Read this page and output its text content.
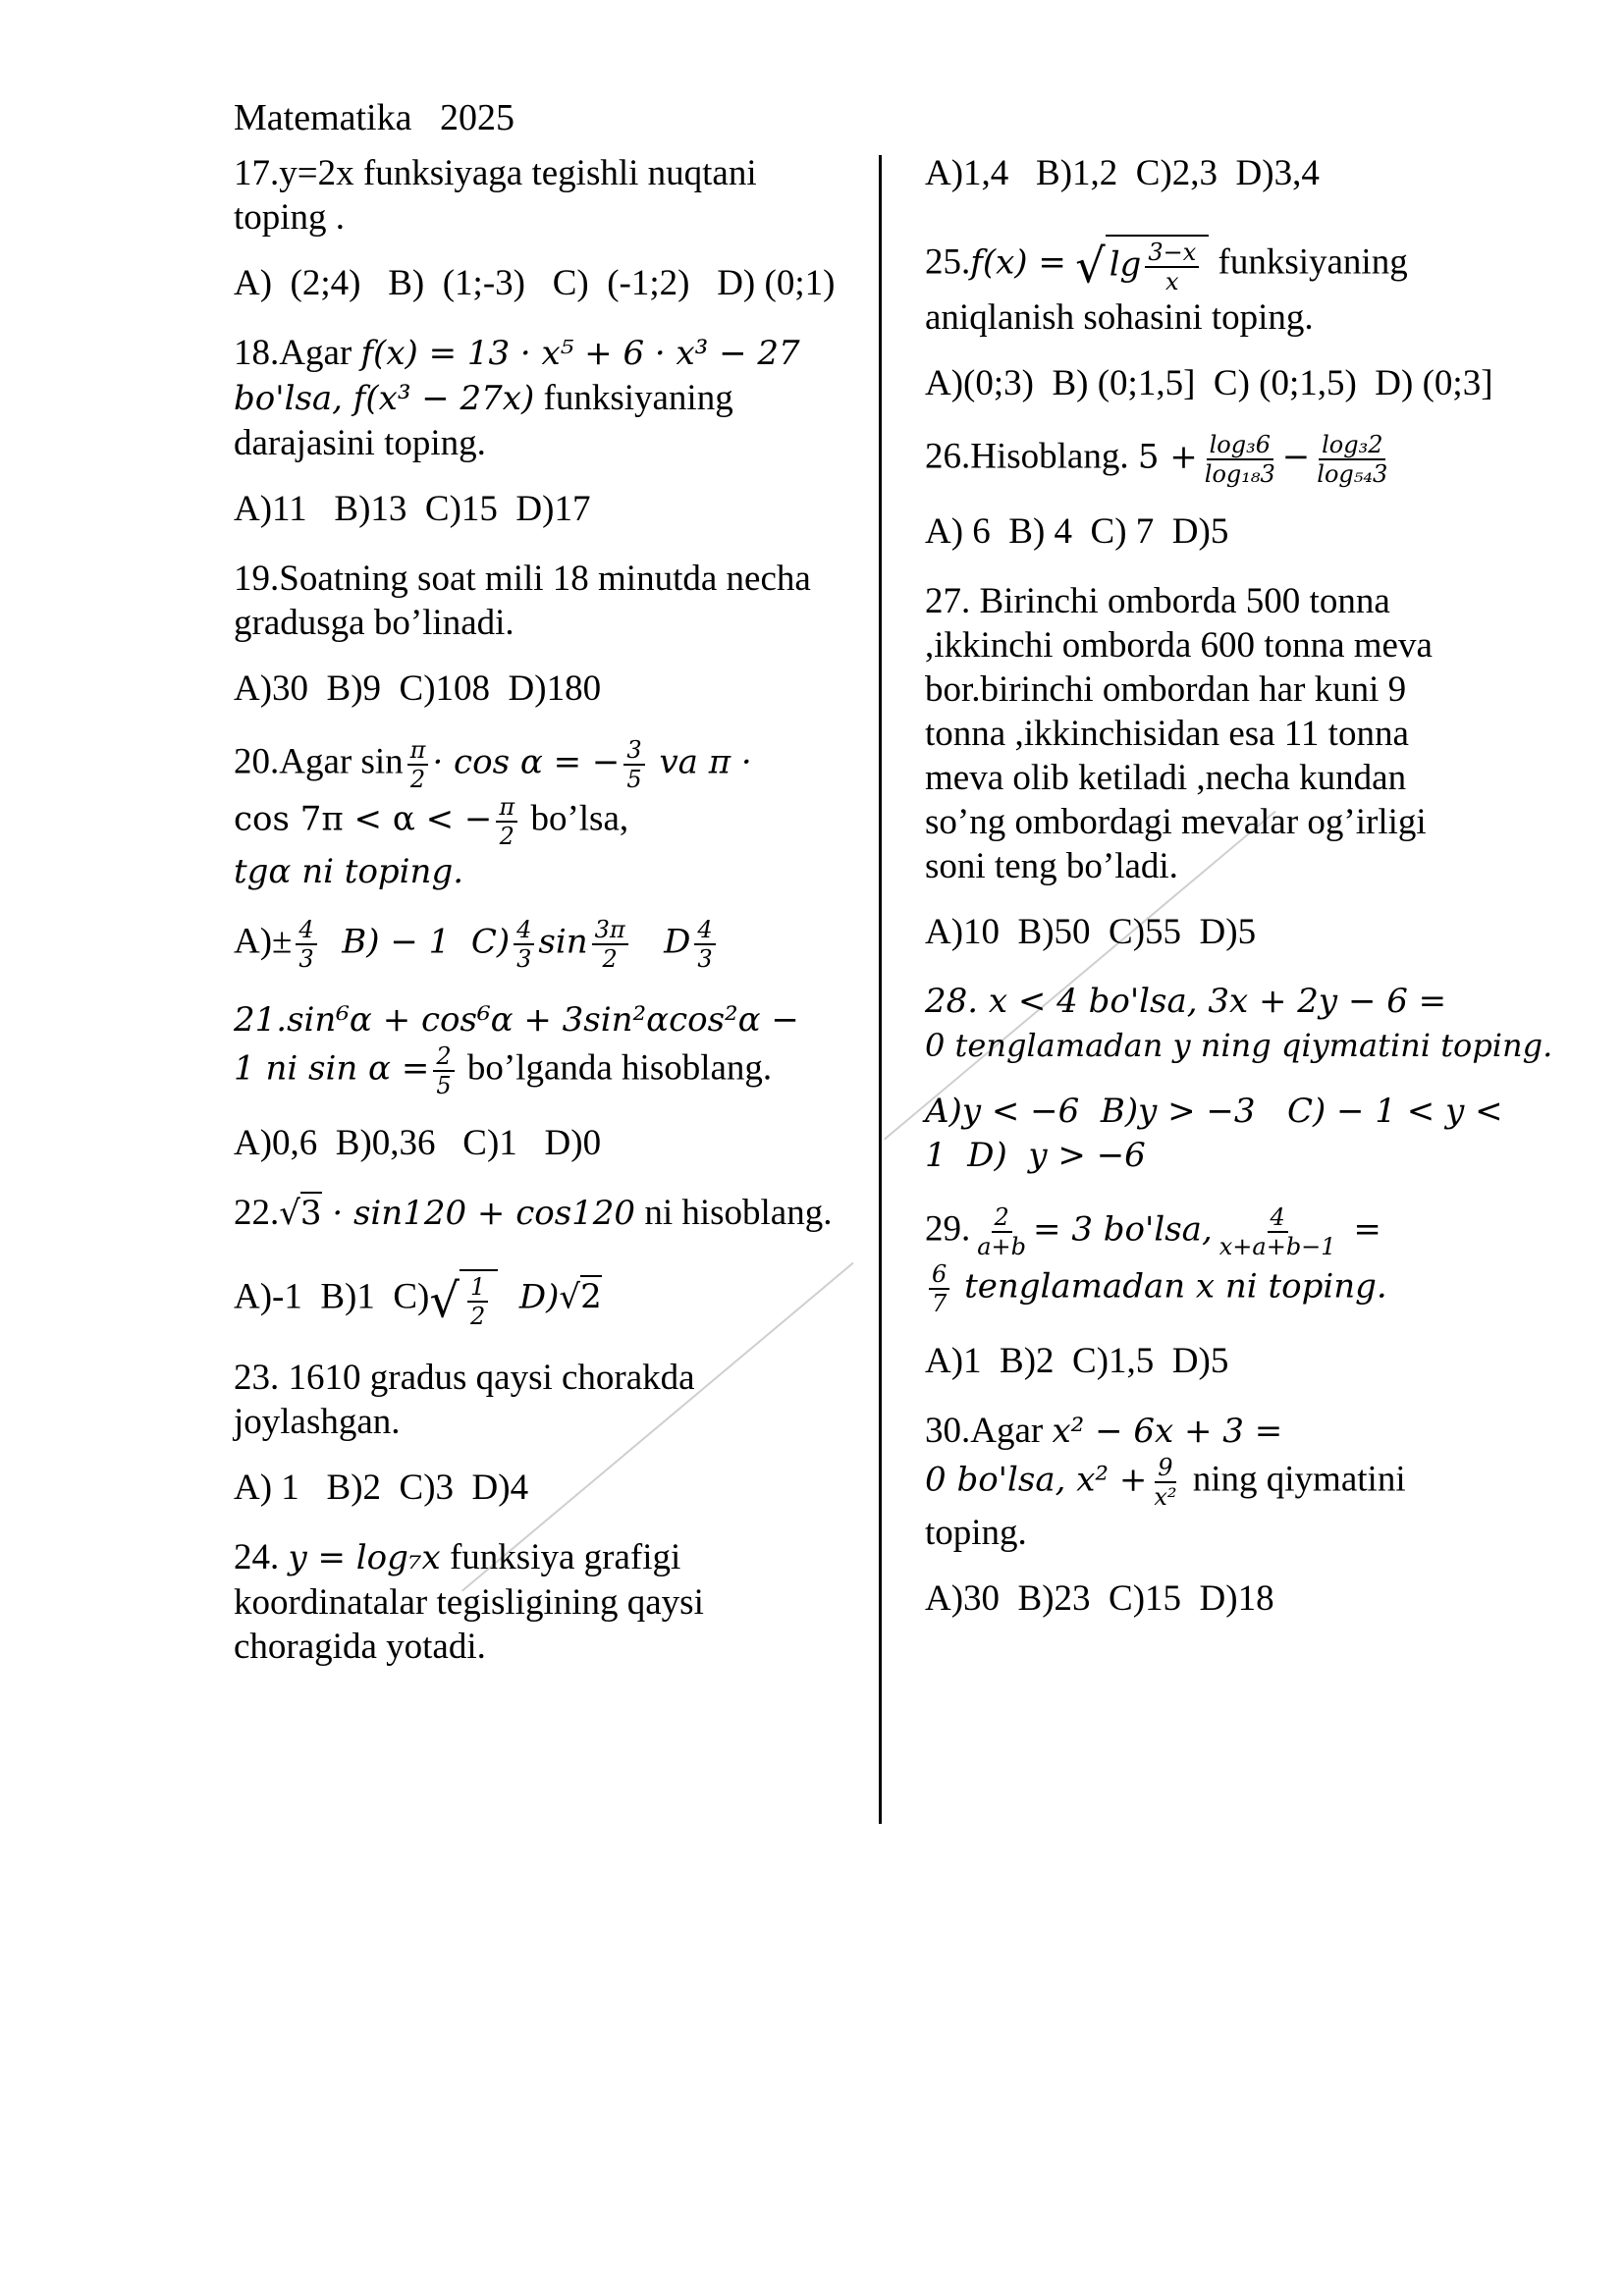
Matematika   2025
17.y=2x funksiyaga tegishli nuqtani toping .
A)  (2;4)   B)  (1;-3)   C)  (-1;2)   D) (0;1)
18.Agar f(x) = 13 · x⁵ + 6 · x³ − 27 bo'lsa, f(x³ − 27x) funksiyaning darajasini toping.
A)11   B)13  C)15  D)17
19.Soatning soat mili 18 minutda necha gradusga bo’linadi.
A)30  B)9  C)108  D)180
20.Agar $\sin \frac{\pi}{2} \cdot \cos \alpha$ = − $\frac{3}{5}$ va π ·
cos 7π < α < − $\frac{\pi}{2}$ bo’lsa,
tgα ni toping.
$A)\pm \frac{4}{3} B) - 1$  $C) \frac{4}{3}$ $\sin \frac{3\pi}{2}$ D $\frac{4}{3}$
21.sin⁶α + cos⁶α + 3sin²αcos²α −
1 ni $\sin \alpha = \frac{2}{5}$ bo’lganda hisoblang.
A)0,6  B)0,36   C)1   D)0
22.√3 · sin120 + cos120 ni hisoblang.
A)-1  B)1  $C)√ \frac{1}{2} D)√2$
23. 1610 gradus qaysi chorakda joylashgan.
A) 1   B)2  C)3  D)4
24. y = log₇x funksiya grafigi koordinatalar tegisligining qaysi choragida yotadi.
A)1,4   B)1,2  C)2,3  D)3,4
25.f(x) = √ $\lg \frac{3-x}{x}$ funksiyaning
aniqlanish sohasini toping.
A)(0;3)  B) (0;1,5]  C) (0;1,5)  D) (0;3]
26.Hisoblang. $5 + \frac{\text{log₃6}}{\text{log₁₈3}} - \frac{\text{log₃2}}{\text{log₅₄3}}$
A) 6  B) 4  C) 7  D)5
27. Birinchi omborda 500 tonna ,ikkinchi omborda 600 tonna meva bor.birinchi ombordan har kuni 9 tonna ,ikkinchisidan esa 11 tonna meva olib ketiladi ,necha kundan so’ng ombordagi mevalar og’irligi soni teng bo’ladi.
A)10  B)50  C)55  D)5
28. x < 4 bo'lsa, 3x + 2y − 6 =
0 tenglamadan y ning qiymatini toping.
A)y < −6  B)y > −3   C) − 1 < y <
1  D)  y > −6
29. $\frac{2}{a+b} = 3$ bo'lsa, $\frac{4}{x+a+b-1}$ =
$\frac{6}{7}$ tenglamadan x ni toping.
A)1  B)2  C)1,5  D)5
30.Agar x² − 6x + 3 =
0 bo'lsa, $x^2 + \frac{9}{\text{x²}}$ ning qiymatini
toping.
A)30  B)23  C)15  D)18
